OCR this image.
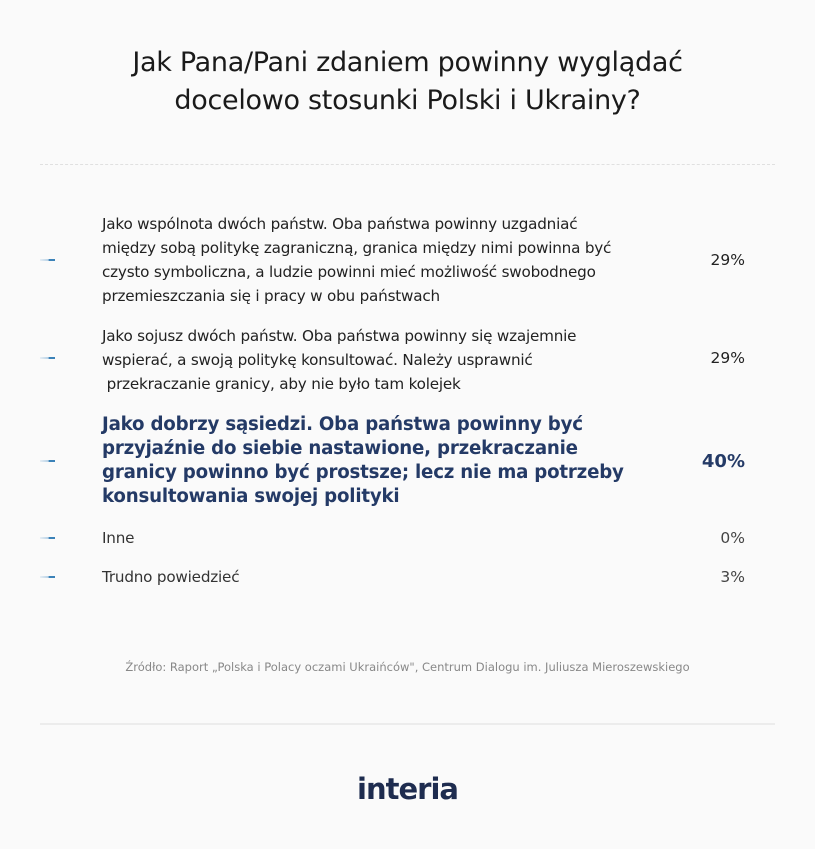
Jak Pana/Pani zdaniem powinny wyglądać
docelowo stosunki Polski i Ukrainy?
Jako wspólnota dwóch państw. Oba państwa powinny uzgadniać
między sobą politykę zagraniczną, granica między nimi powinna być
czysto symboliczna, a ludzie powinni mieć możliwość swobodnego
przemieszczania się i pracy w obu państwach
29%
Jako sojusz dwóch państw. Oba państwa powinny się wzajemnie
wspierać, a swoją politykę konsultować. Należy usprawnić
przekraczanie granicy, aby nie było tam kolejek
29%
Jako dobrzy sąsiedzi. Oba państwa powinny być
przyjaźnie do siebie nastawione, przekraczanie
granicy powinno być prostsze; lecz nie ma potrzeby
konsultowania swojej polityki
40%
Inne	0%
Trudno powiedzieć	3%
Źródło: Raport „Polska i Polacy oczami Ukraińców", Centrum Dialogu im. Juliusza Mieroszewskiego
interia
